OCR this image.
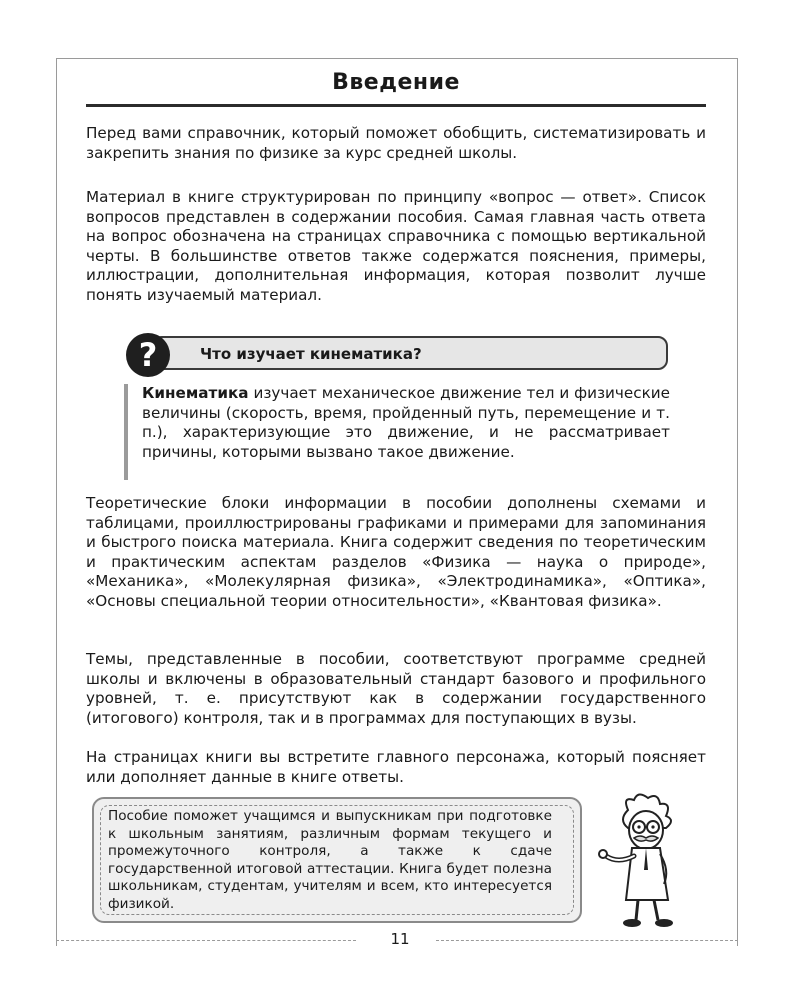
11
Введение

Перед вами справочник, который поможет обобщить, систематизировать и закрепить знания по физике за курс средней школы.

Материал в книге структурирован по принципу «вопрос — ответ». Список вопросов представлен в содержании пособия. Самая главная часть ответа на вопрос обозначена на страницах справочника с помощью вертикальной черты. В большинстве ответов также содержатся пояснения, примеры, иллюстрации, дополнительная информация, которая позволит лучше понять изучаемый материал.

Что изучает кинематика?
?

Кинематика изучает механическое движение тел и физические величины (скорость, время, пройденный путь, перемещение и т. п.), характеризующие это движение, и не рассматривает причины, которыми вызвано такое движение.

Теоретические блоки информации в пособии дополнены схемами и таблицами, проиллюстрированы графиками и примерами для запоминания и быстрого поиска материала. Книга содержит сведения по теоретическим и практическим аспектам разделов «Физика — наука о природе», «Механика», «Молекулярная физика», «Электродинамика», «Оптика», «Основы специальной теории относительности», «Квантовая физика».

Темы, представленные в пособии, соответствуют программе средней школы и включены в образовательный стандарт базового и профильного уровней, т. е. присутствуют как в содержании государственного (итогового) контроля, так и в программах для поступающих в вузы.

На страницах книги вы встретите главного персонажа, который поясняет или дополняет данные в книге ответы.

Пособие поможет учащимся и выпускникам при подготовке к школьным занятиям, различным формам текущего и промежуточного контроля, а также к сдаче государственной итоговой аттестации. Книга будет полезна школьникам, студентам, учителям и всем, кто интересуется физикой.
